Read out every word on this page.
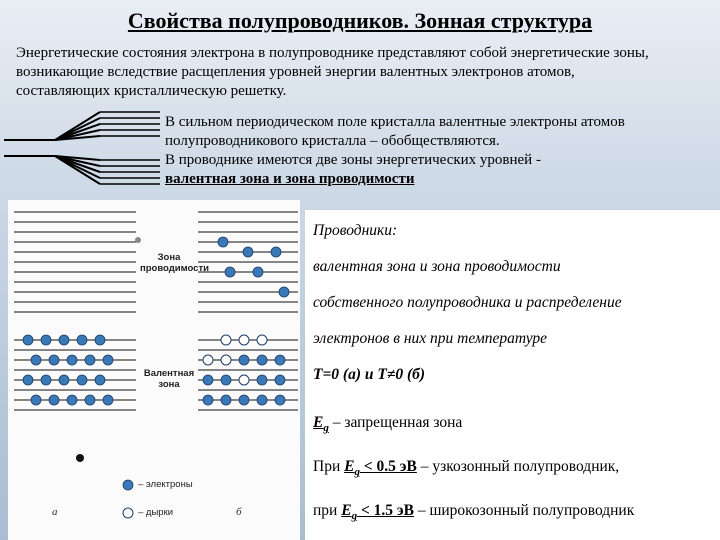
Свойства полупроводников. Зонная структура
Энергетические состояния электрона в полупроводнике представляют собой энергетические зоны, возникающие вследствие расщепления уровней энергии валентных электронов атомов, составляющих кристаллическую решетку.
В сильном периодическом поле кристалла валентные электроны атомов
полупроводникового кристалла – обобществляются.
В проводнике имеются две зоны энергетических уровней -
валентная зона и зона проводимости
Зона
проводимости
Валентная
зона
– электроны
– дырки
а	б

Проводники:

валентная зона и зона проводимости

собственного полупроводника и распределение

электронов в них при температуре

T=0 (а) и T≠0 (б)

$E_g$ – запрещенная зона

При $E_g < 0.5$ эВ – узкозонный полупроводник,

при $E_g < 1.5$ эВ – широкозонный полупроводник
